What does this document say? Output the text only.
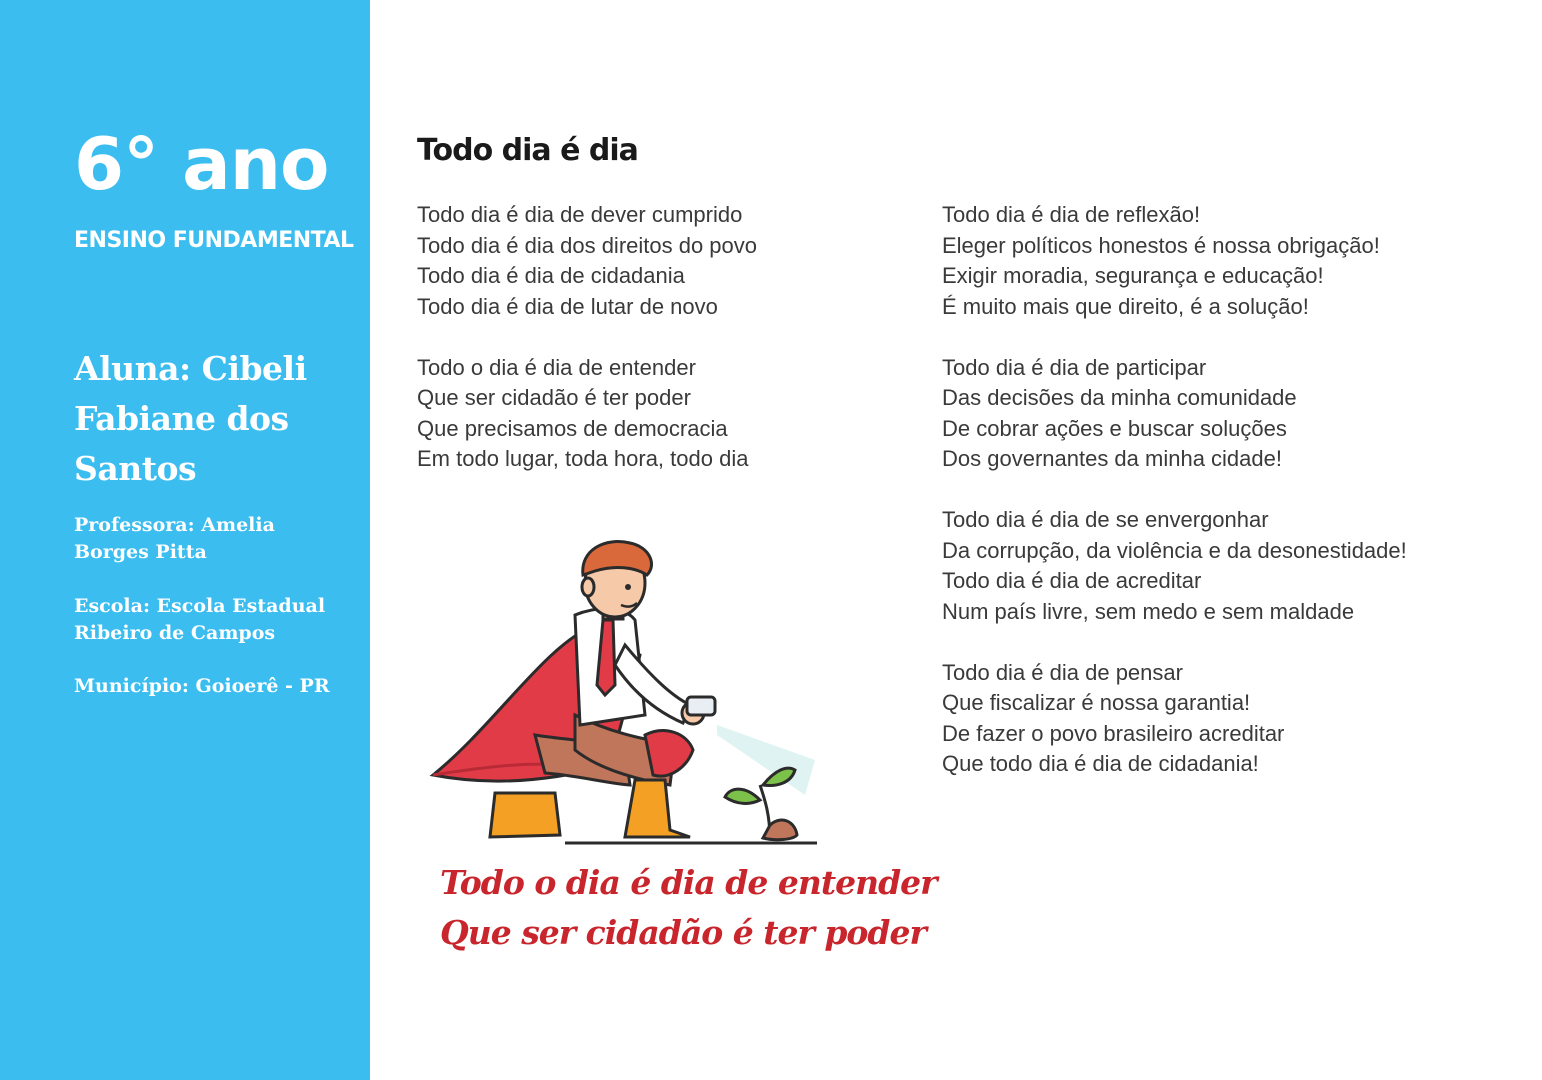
6° ano
ENSINO FUNDAMENTAL
Aluna: Cibeli Fabiane dos Santos
Professora: Amelia Borges Pitta
Escola: Escola Estadual Ribeiro de Campos
Município: Goioerê - PR
Todo dia é dia
Todo dia é dia de dever cumprido
Todo dia é dia dos direitos do povo
Todo dia é dia de cidadania
Todo dia é dia de lutar de novo
Todo o dia é dia de entender
Que ser cidadão é ter poder
Que precisamos de democracia
Em todo lugar, toda hora, todo dia
Todo dia é dia de reflexão!
Eleger políticos honestos é nossa obrigação!
Exigir moradia, segurança e educação!
É muito mais que direito, é a solução!
Todo dia é dia de participar
Das decisões da minha comunidade
De cobrar ações e buscar soluções
Dos governantes da minha cidade!
Todo dia é dia de se envergonhar
Da corrupção, da violência e da desonestidade!
Todo dia é dia de acreditar
Num país livre, sem medo e sem maldade
Todo dia é dia de pensar
Que fiscalizar é nossa garantia!
De fazer o povo brasileiro acreditar
Que todo dia é dia de cidadania!
Todo o dia é dia de entender
Que ser cidadão é ter poder
